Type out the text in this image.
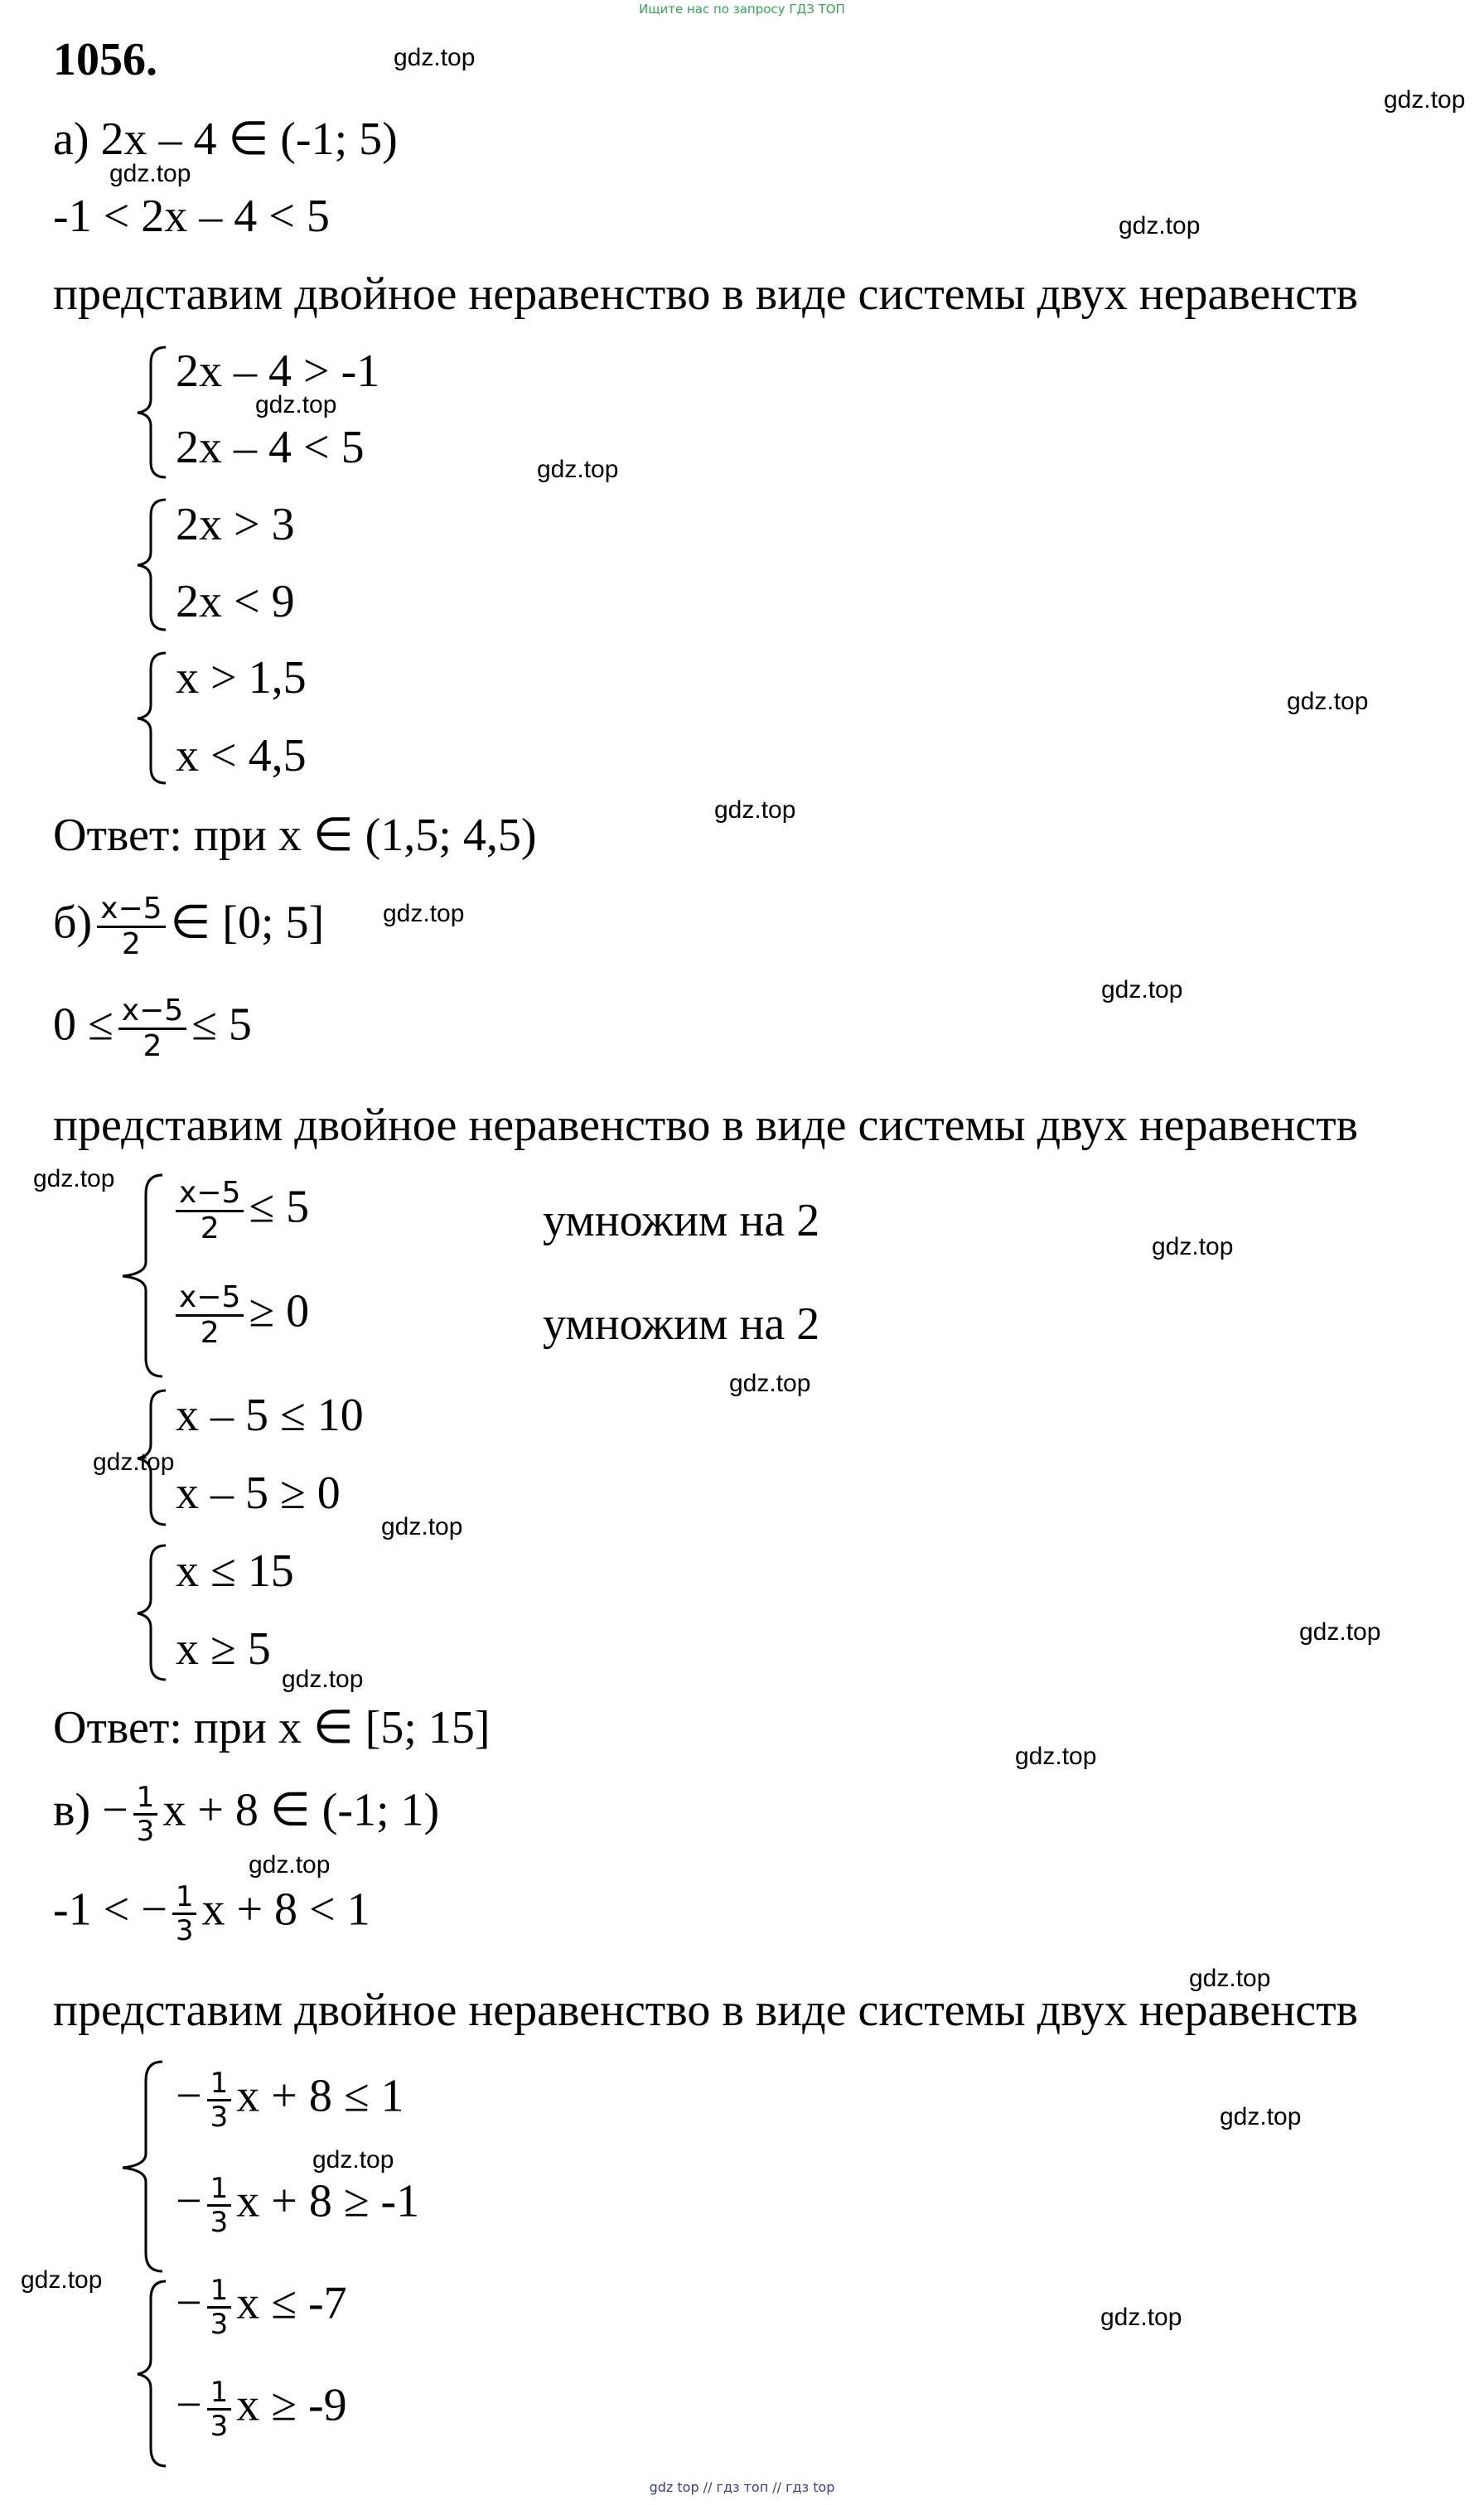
Ищите нас по запросу ГДЗ ТОП
1056.
а) 2x – 4 ∈ (-1; 5)
-1 < 2x – 4 < 5
представим двойное неравенство в виде системы двух неравенств
2x – 4 > -1
2x – 4 < 5
2x > 3
2x < 9
x > 1,5
x < 4,5
Ответ: при x ∈ (1,5; 4,5)
$б) \frac{x-5}{2}$ ∈ [0; 5]
$0 \le \frac{x-5}{2} \le 5$
представим двойное неравенство в виде системы двух неравенств
$\frac{x-5}{2} \le 5$	умножим на 2
$\frac{x-5}{2} \ge 0$	умножим на 2
x – 5 ≤ 10
x – 5 ≥ 0
x ≤ 15
x ≥ 5
Ответ: при x ∈ [5; 15]
$в) - \frac{1}{3}$ x + 8 ∈ (-1; 1)
-1 < − $\frac{1}{3}$ x + 8 < 1
представим двойное неравенство в виде системы двух неравенств
− $\frac{1}{3}$ x + 8 ≤ 1
− $\frac{1}{3}$ x + 8 ≥ -1
− $\frac{1}{3}$ x ≤ -7
− $\frac{1}{3}$ x ≥ -9
gdz.top
gdz.top
gdz.top
gdz.top
gdz.top
gdz.top
gdz.top
gdz.top
gdz.top
gdz.top
gdz.top
gdz.top
gdz.top
gdz.top
gdz.top
gdz.top
gdz.top
gdz.top
gdz.top
gdz.top
gdz.top
gdz.top
gdz.top
gdz.top
gdz top // гдз топ // гдз top
